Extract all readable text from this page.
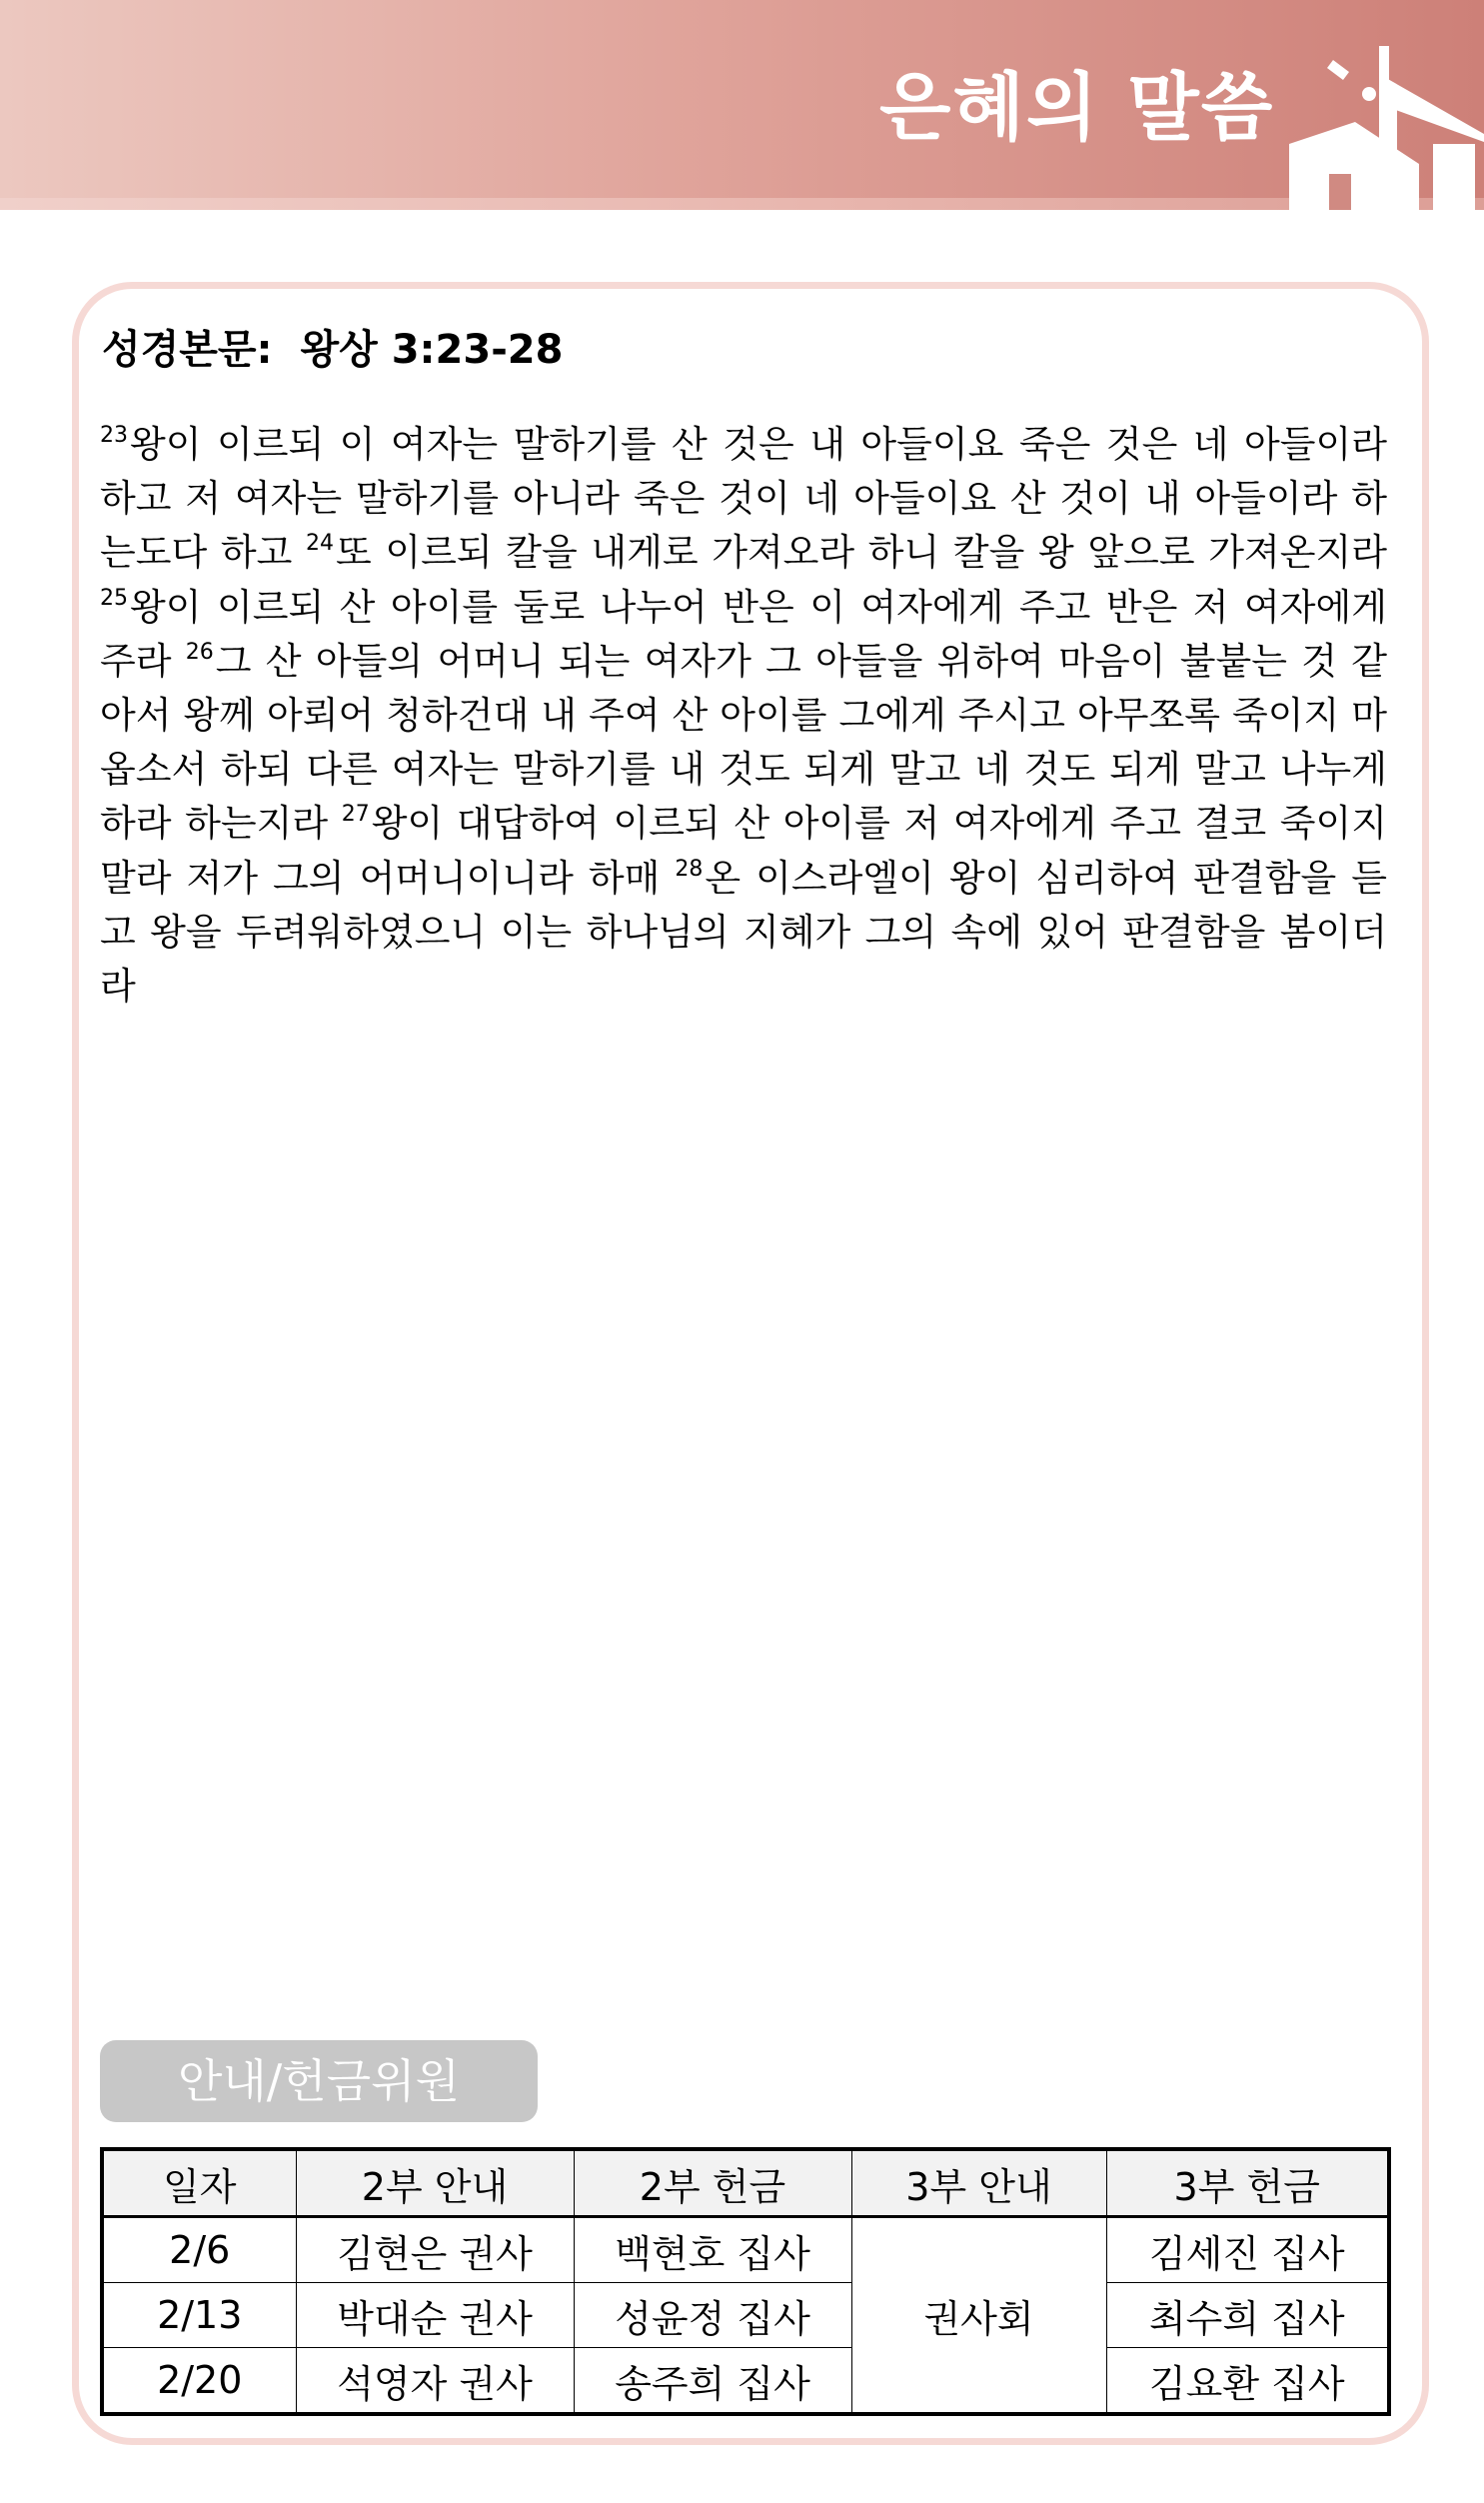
은혜의 말씀
성경본문: 왕상 3:23-28
$^{23}$왕이 이르되 이 여자는 말하기를 산 것은 내 아들이요 죽은 것은 네 아들이라 하고 저 여자는 말하기를 아니라 죽은 것이 네 아들이요 산 것이 내 아들이라 하는도다 하고 $^{24}$또 이르되 칼을 내게로 가져오라 하니 칼을 왕 앞으로 가져온지라 $^{25}$왕이 이르되 산 아이를 둘로 나누어 반은 이 여자에게 주고 반은 저 여자에게 주라 $^{26}$그 산 아들의 어머니 되는 여자가 그 아들을 위하여 마음이 불붙는 것 같아서 왕께 아뢰어 청하건대 내 주여 산 아이를 그에게 주시고 아무쪼록 죽이지 마옵소서 하되 다른 여자는 말하기를 내 것도 되게 말고 네 것도 되게 말고 나누게 하라 하는지라 $^{27}$왕이 대답하여 이르되 산 아이를 저 여자에게 주고 결코 죽이지 말라 저가 그의 어머니이니라 하매 $^{28}$온 이스라엘이 왕이 심리하여 판결함을 듣고 왕을 두려워하였으니 이는 하나님의 지혜가 그의 속에 있어 판결함을 봄이더라
안내/헌금위원
일자	2부 안내	2부 헌금	3부 안내	3부 헌금
2/6	김현은 권사	백현호 집사	권사회	김세진 집사
2/13	박대순 권사	성윤정 집사		최수희 집사
2/20	석영자 권사	송주희 집사		김요환 집사
